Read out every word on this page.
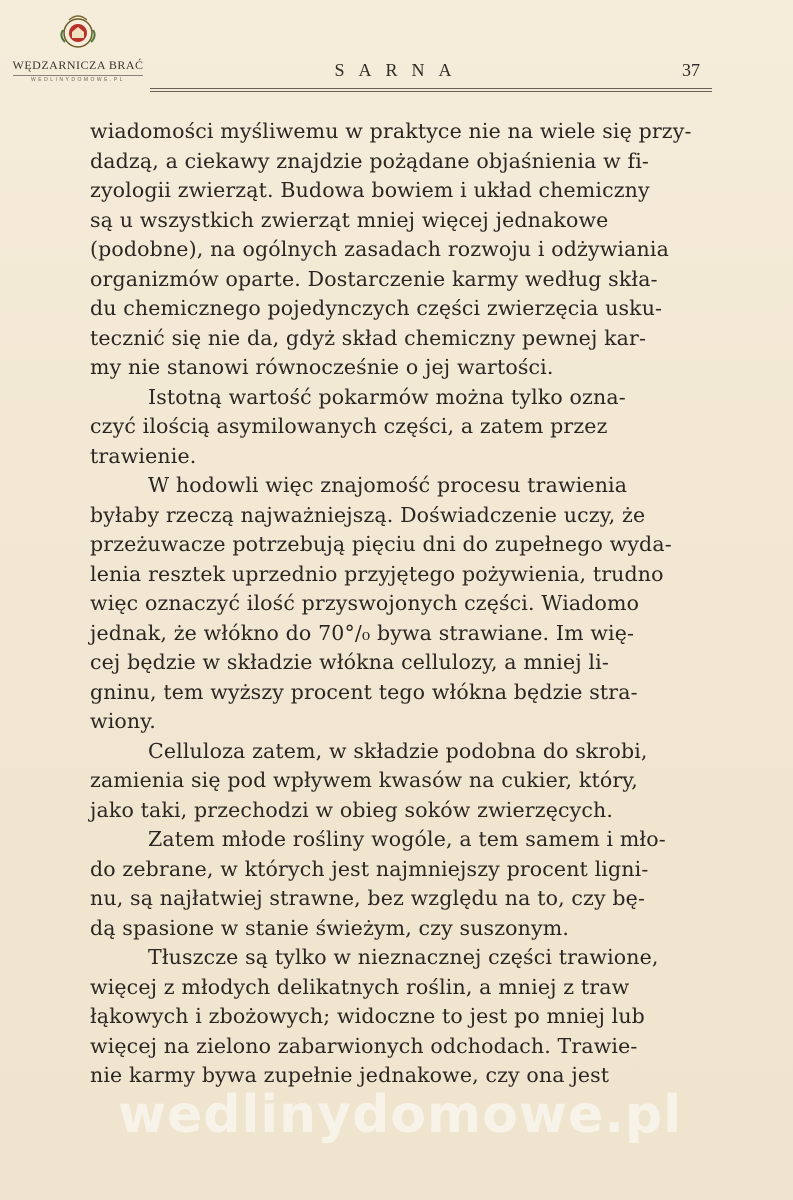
WĘDZARNICZA BRAĆ
WEDLINYDOMOWE.PL	SARNA	37
wiadomości myśliwemu w praktyce nie na wiele się przy-
dadzą, a ciekawy znajdzie pożądane objaśnienia w fi-
zyologii zwierząt. Budowa bowiem i układ chemiczny
są u wszystkich zwierząt mniej więcej jednakowe
(podobne), na ogólnych zasadach rozwoju i odżywiania
organizmów oparte. Dostarczenie karmy według skła-
du chemicznego pojedynczych części zwierzęcia usku-
tecznić się nie da, gdyż skład chemiczny pewnej kar-
my nie stanowi równocześnie o jej wartości.
Istotną wartość pokarmów można tylko ozna-
czyć ilością asymilowanych części, a zatem przez
trawienie.
W hodowli więc znajomość procesu trawienia
byłaby rzeczą najważniejszą. Doświadczenie uczy, że
przeżuwacze potrzebują pięciu dni do zupełnego wyda-
lenia resztek uprzednio przyjętego pożywienia, trudno
więc oznaczyć ilość przyswojonych części. Wiadomo
jednak, że włókno do 70°/₀ bywa strawiane. Im wię-
cej będzie w składzie włókna cellulozy, a mniej li-
gninu, tem wyższy procent tego włókna będzie stra-
wiony.
Celluloza zatem, w składzie podobna do skrobi,
zamienia się pod wpływem kwasów na cukier, który,
jako taki, przechodzi w obieg soków zwierzęcych.
Zatem młode rośliny wogóle, a tem samem i mło-
do zebrane, w których jest najmniejszy procent ligni-
nu, są najłatwiej strawne, bez względu na to, czy bę-
dą spasione w stanie świeżym, czy suszonym.
Tłuszcze są tylko w nieznacznej części trawione,
więcej z młodych delikatnych roślin, a mniej z traw
łąkowych i zbożowych; widoczne to jest po mniej lub
więcej na zielono zabarwionych odchodach. Trawie-
nie karmy bywa zupełnie jednakowe, czy ona jest
wedlinydomowe.pl
